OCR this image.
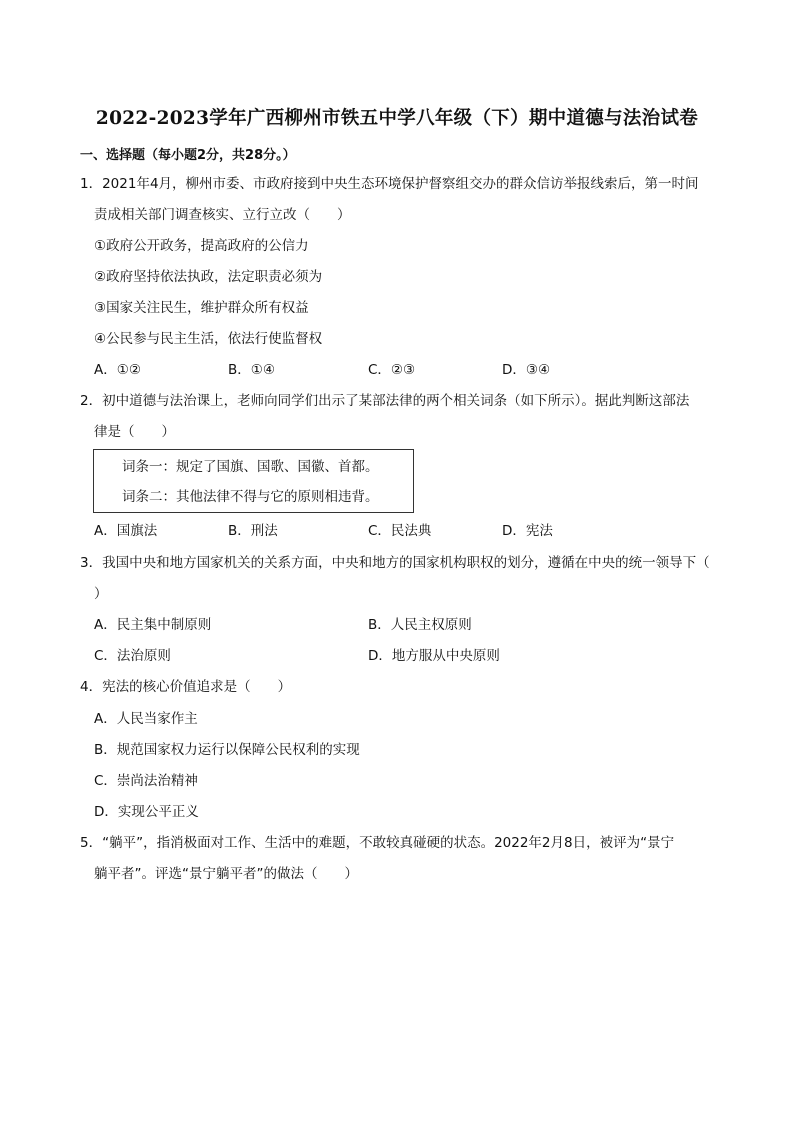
2022-2023学年广西柳州市铁五中学八年级（下）期中道德与法治试卷
一、选择题（每小题2分，共28分。）
1．2021年4月，柳州市委、市政府接到中央生态环境保护督察组交办的群众信访举报线索后，第一时间
责成相关部门调查核实、立行立改（　　）
①政府公开政务，提高政府的公信力
②政府坚持依法执政，法定职责必须为
③国家关注民生，维护群众所有权益
④公民参与民主生活，依法行使监督权
A．①②	B．①④	C．②③	D．③④
2．初中道德与法治课上，老师向同学们出示了某部法律的两个相关词条（如下所示）。据此判断这部法
律是（　　）
词条一：规定了国旗、国歌、国徽、首都。
词条二：其他法律不得与它的原则相违背。
A．国旗法	B．刑法	C．民法典	D．宪法
3．我国中央和地方国家机关的关系方面，中央和地方的国家机构职权的划分，遵循在中央的统一领导下（
）
A．民主集中制原则	B．人民主权原则
C．法治原则	D．地方服从中央原则
4．宪法的核心价值追求是（　　）
A．人民当家作主
B．规范国家权力运行以保障公民权利的实现
C．崇尚法治精神
D．实现公平正义
5．“躺平”，指消极面对工作、生活中的难题，不敢较真碰硬的状态。2022年2月8日，被评为“景宁
躺平者”。评选“景宁躺平者”的做法（　　）
